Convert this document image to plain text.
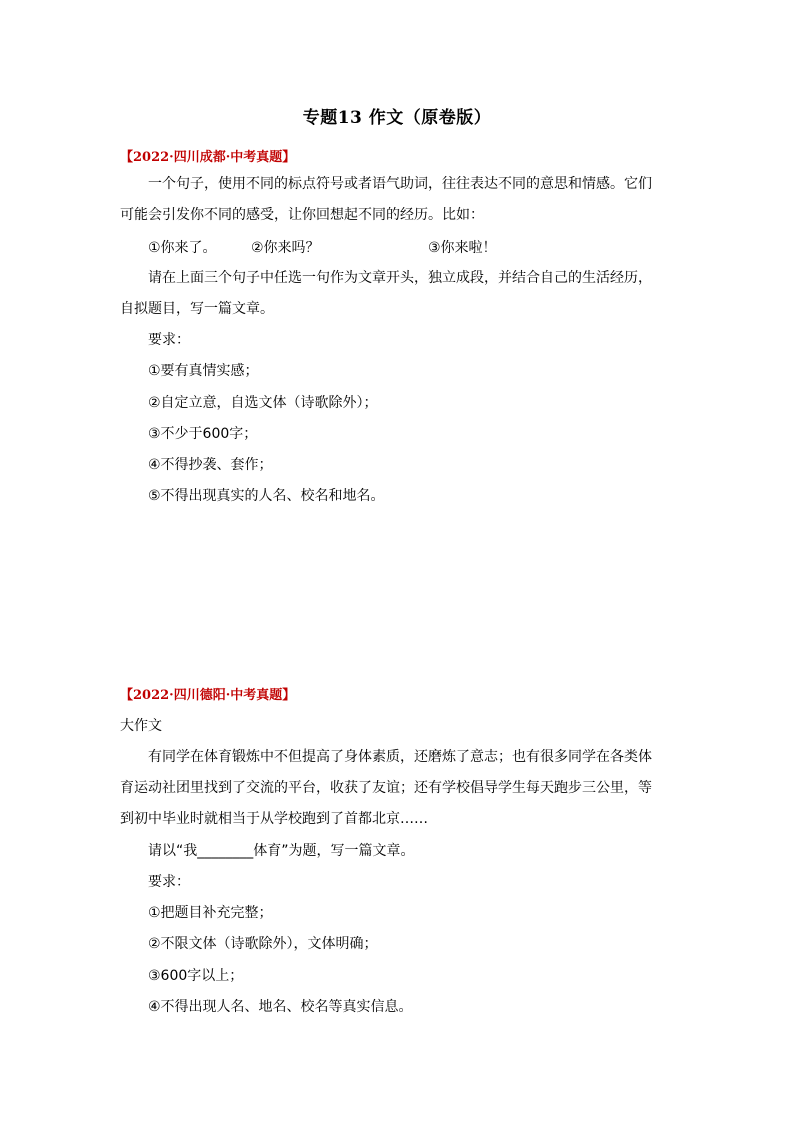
专题13 作文（原卷版）
【2022·四川成都·中考真题】
一个句子，使用不同的标点符号或者语气助词，往往表达不同的意思和情感。它们
可能会引发你不同的感受，让你回想起不同的经历。比如：
①你来了。 ②你来吗？	③你来啦！
请在上面三个句子中任选一句作为文章开头，独立成段，并结合自己的生活经历，
自拟题目，写一篇文章。
要求：
①要有真情实感；
②自定立意，自选文体（诗歌除外）；
③不少于600字；
④不得抄袭、套作；
⑤不得出现真实的人名、校名和地名。
【2022·四川德阳·中考真题】
大作文
有同学在体育锻炼中不但提高了身体素质，还磨炼了意志；也有很多同学在各类体
育运动社团里找到了交流的平台，收获了友谊；还有学校倡导学生每天跑步三公里，等
到初中毕业时就相当于从学校跑到了首都北京……
请以“我________体育”为题，写一篇文章。
要求：
①把题目补充完整；
②不限文体（诗歌除外），文体明确；
③600字以上；
④不得出现人名、地名、校名等真实信息。
